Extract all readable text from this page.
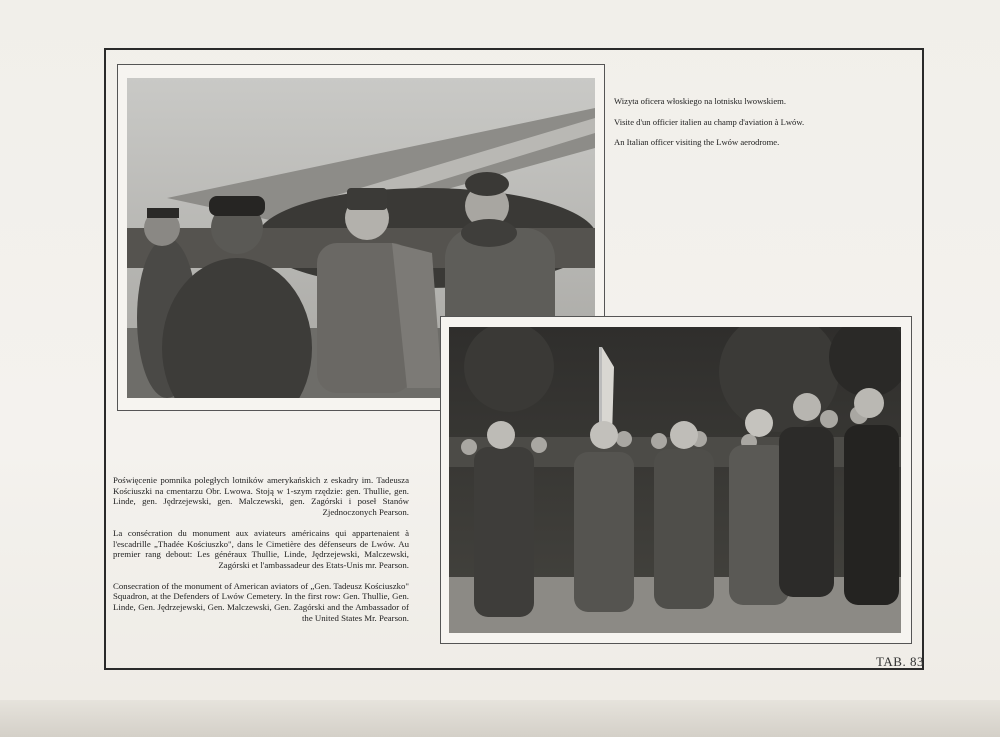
Wizyta oficera włoskiego na lotnisku lwowskiem.

Visite d'un officier italien au champ d'aviation à Lwów.

An Italian officer visiting the Lwów aerodrome.

Poświęcenie pomnika poległych lotników amerykańskich z eskadry im. Tadeusza Kościuszki na cmentarzu Obr. Lwowa. Stoją w 1-szym rzędzie: gen. Thullie, gen. Linde, gen. Jędrzejewski, gen. Malczewski, gen. Zagórski i poseł Stanów Zjednoczonych Pearson.

La consécration du monument aux aviateurs américains qui appartenaient à l'escadrille „Thadée Kościuszko", dans le Cimetière des défenseurs de Lwów. Au premier rang debout: Les généraux Thullie, Linde, Jędrzejewski, Malczewski, Zagórski et l'ambassadeur des Etats-Unis mr. Pearson.

Consecration of the monument of American aviators of „Gen. Tadeusz Kościuszko" Squadron, at the Defenders of Lwów Cemetery. In the first row: Gen. Thullie, Gen. Linde, Gen. Jędrzejewski, Gen. Malczewski, Gen. Zagórski and the Ambassador of the United States Mr. Pearson.

TAB. 83
